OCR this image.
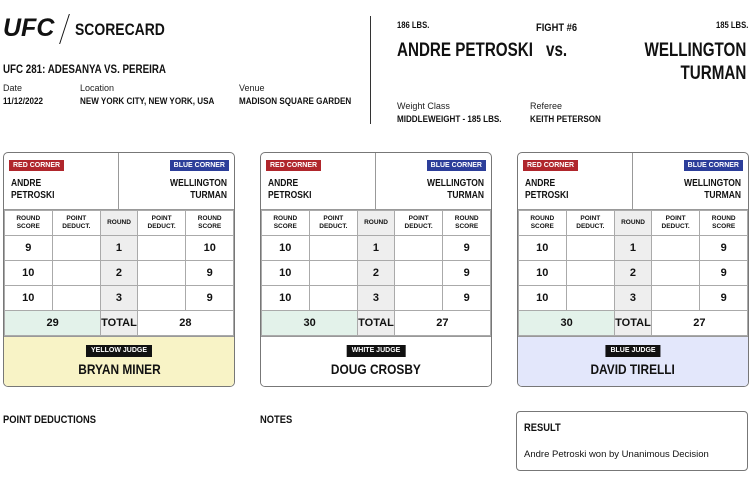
UFC SCORECARD
UFC 281: ADESANYA VS. PEREIRA
Date
11/12/2022
Location
NEW YORK CITY, NEW YORK, USA
Venue
MADISON SQUARE GARDEN
186 LBS.	FIGHT #6	185 LBS.
ANDRE PETROSKI vs.	WELLINGTON
TURMAN
Weight Class
MIDDLEWEIGHT - 185 LBS.
Referee
KEITH PETERSON
RED CORNER
ANDRE
PETROSKI
BLUE CORNER
WELLINGTON
TURMAN
ROUND SCORE	POINT DEDUCT.	ROUND	POINT DEDUCT.	ROUND SCORE
9		1		10
10		2		9
10		3		9
29		TOTAL	28	
YELLOW JUDGE
BRYAN MINER
RED CORNER
ANDRE
PETROSKI
BLUE CORNER
WELLINGTON
TURMAN
ROUND SCORE	POINT DEDUCT.	ROUND	POINT DEDUCT.	ROUND SCORE
10		1		9
10		2		9
10		3		9
30		TOTAL	27	
WHITE JUDGE
DOUG CROSBY
RED CORNER
ANDRE
PETROSKI
BLUE CORNER
WELLINGTON
TURMAN
ROUND SCORE	POINT DEDUCT.	ROUND	POINT DEDUCT.	ROUND SCORE
10		1		9
10		2		9
10		3		9
30		TOTAL	27	
BLUE JUDGE
DAVID TIRELLI
POINT DEDUCTIONS	NOTES
RESULT
Andre Petroski won by Unanimous Decision
